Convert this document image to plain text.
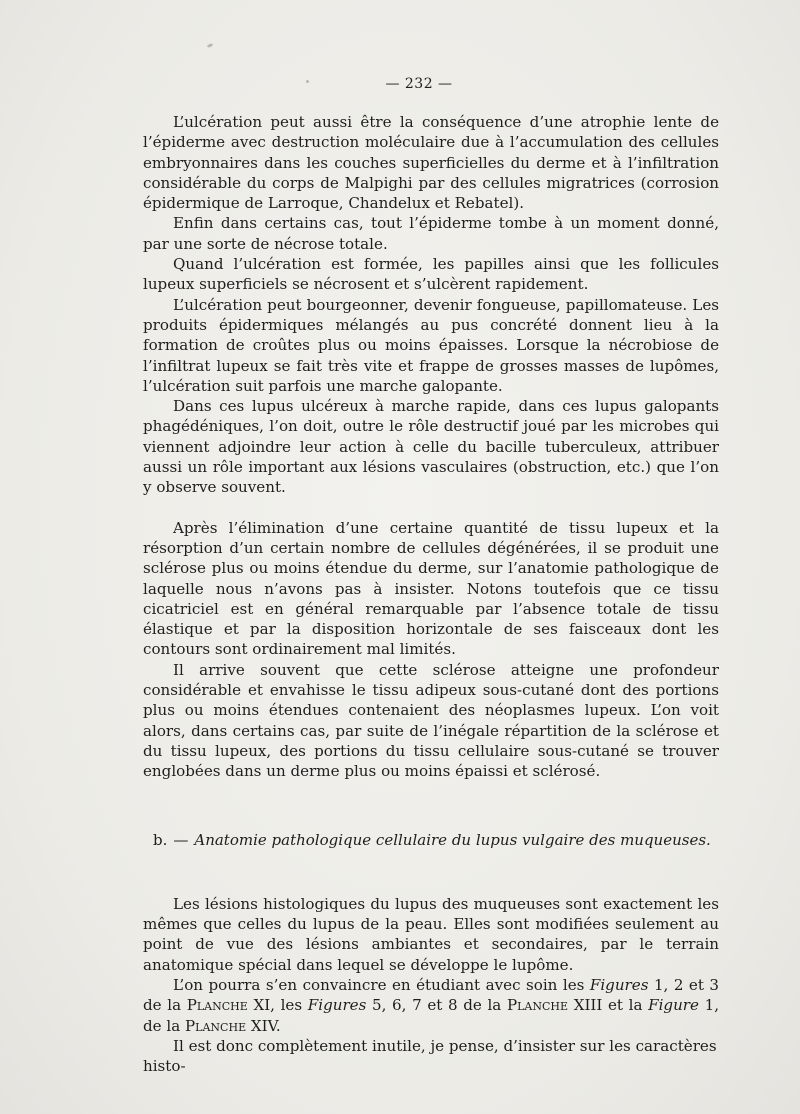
— 232 —

L’ulcération peut aussi être la conséquence d’une atrophie lente de l’épiderme avec destruction moléculaire due à l’accumulation des cellules embryonnaires dans les couches superficielles du derme et à l’infiltration considérable du corps de Malpighi par des cellules migratrices (corrosion épidermique de Larroque, Chandelux et Rebatel).

Enfin dans certains cas, tout l’épiderme tombe à un moment donné, par une sorte de nécrose totale.

Quand l’ulcération est formée, les papilles ainsi que les follicules lupeux superficiels se nécrosent et s’ulcèrent rapidement.

L’ulcération peut bourgeonner, devenir fongueuse, papillomateuse. Les produits épidermiques mélangés au pus concrété donnent lieu à la formation de croûtes plus ou moins épaisses. Lorsque la nécrobiose de l’infiltrat lupeux se fait très vite et frappe de grosses masses de lupômes, l’ulcération suit parfois une marche galopante.

Dans ces lupus ulcéreux à marche rapide, dans ces lupus galopants phagédéniques, l’on doit, outre le rôle destructif joué par les microbes qui viennent adjoindre leur action à celle du bacille tuberculeux, attribuer aussi un rôle important aux lésions vasculaires (obstruction, etc.) que l’on y observe souvent.

Après l’élimination d’une certaine quantité de tissu lupeux et la résorption d’un certain nombre de cellules dégénérées, il se produit une sclérose plus ou moins étendue du derme, sur l’anatomie pathologique de laquelle nous n’avons pas à insister. Notons toutefois que ce tissu cicatriciel est en général remarquable par l’absence totale de tissu élastique et par la disposition horizontale de ses faisceaux dont les contours sont ordinairement mal limités.

Il arrive souvent que cette sclérose atteigne une profondeur considérable et envahisse le tissu adipeux sous-cutané dont des portions plus ou moins étendues contenaient des néoplasmes lupeux. L’on voit alors, dans certains cas, par suite de l’inégale répartition de la sclérose et du tissu lupeux, des portions du tissu cellulaire sous-cutané se trouver englobées dans un derme plus ou moins épaissi et sclérosé.

b. — Anatomie pathologique cellulaire du lupus vulgaire des muqueuses.

Les lésions histologiques du lupus des muqueuses sont exactement les mêmes que celles du lupus de la peau. Elles sont modifiées seulement au point de vue des lésions ambiantes et secondaires, par le terrain anatomique spécial dans lequel se développe le lupôme.

L’on pourra s’en convaincre en étudiant avec soin les Figures 1, 2 et 3 de la Planche XI, les Figures 5, 6, 7 et 8 de la Planche XIII et la Figure 1, de la Planche XIV.

Il est donc complètement inutile, je pense, d’insister sur les caractères histo-
